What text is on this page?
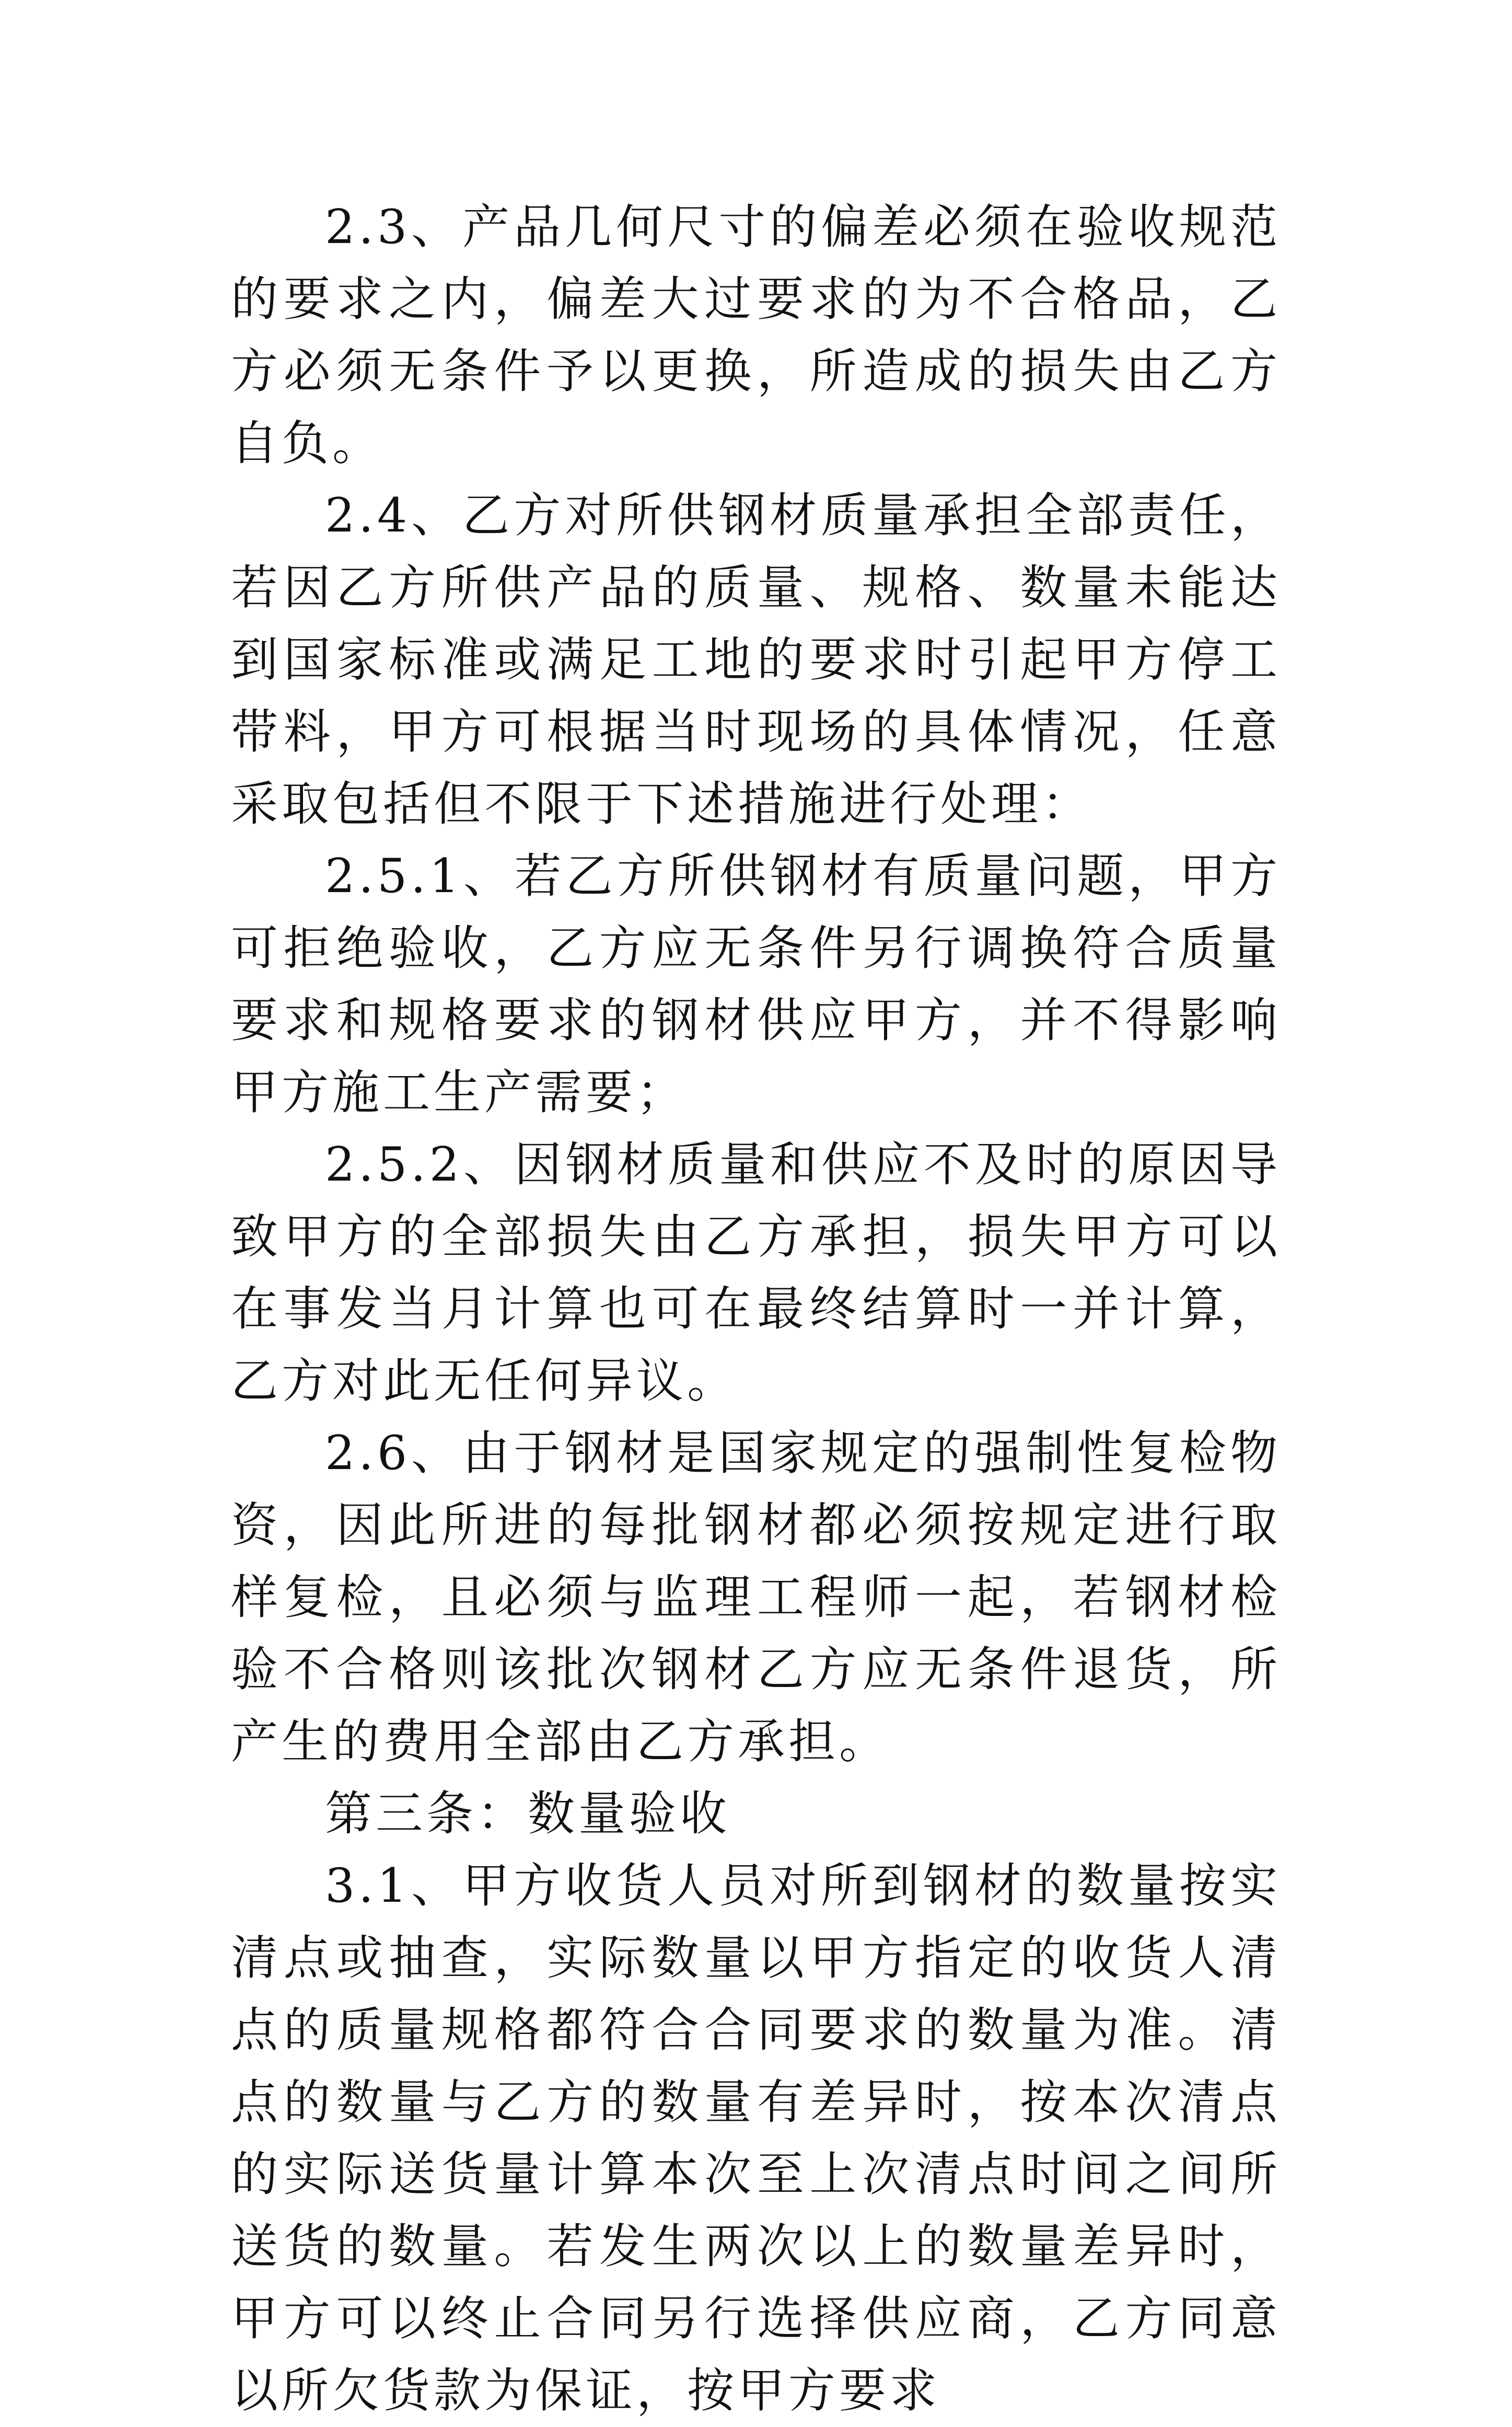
2.3、产品几何尺寸的偏差必须在验收规范的要求之内，偏差大过要求的为不合格品，乙方必须无条件予以更换，所造成的损失由乙方自负。

2.4、乙方对所供钢材质量承担全部责任，若因乙方所供产品的质量、规格、数量未能达到国家标准或满足工地的要求时引起甲方停工带料，甲方可根据当时现场的具体情况，任意采取包括但不限于下述措施进行处理：

2.5.1、若乙方所供钢材有质量问题，甲方可拒绝验收，乙方应无条件另行调换符合质量要求和规格要求的钢材供应甲方，并不得影响甲方施工生产需要；

2.5.2、因钢材质量和供应不及时的原因导致甲方的全部损失由乙方承担，损失甲方可以在事发当月计算也可在最终结算时一并计算，乙方对此无任何异议。

2.6、由于钢材是国家规定的强制性复检物资，因此所进的每批钢材都必须按规定进行取样复检，且必须与监理工程师一起，若钢材检验不合格则该批次钢材乙方应无条件退货，所产生的费用全部由乙方承担。

第三条：数量验收

3.1、甲方收货人员对所到钢材的数量按实清点或抽查，实际数量以甲方指定的收货人清点的质量规格都符合合同要求的数量为准。清点的数量与乙方的数量有差异时，按本次清点的实际送货量计算本次至上次清点时间之间所送货的数量。若发生两次以上的数量差异时，甲方可以终止合同另行选择供应商，乙方同意以所欠货款为保证，按甲方要求
